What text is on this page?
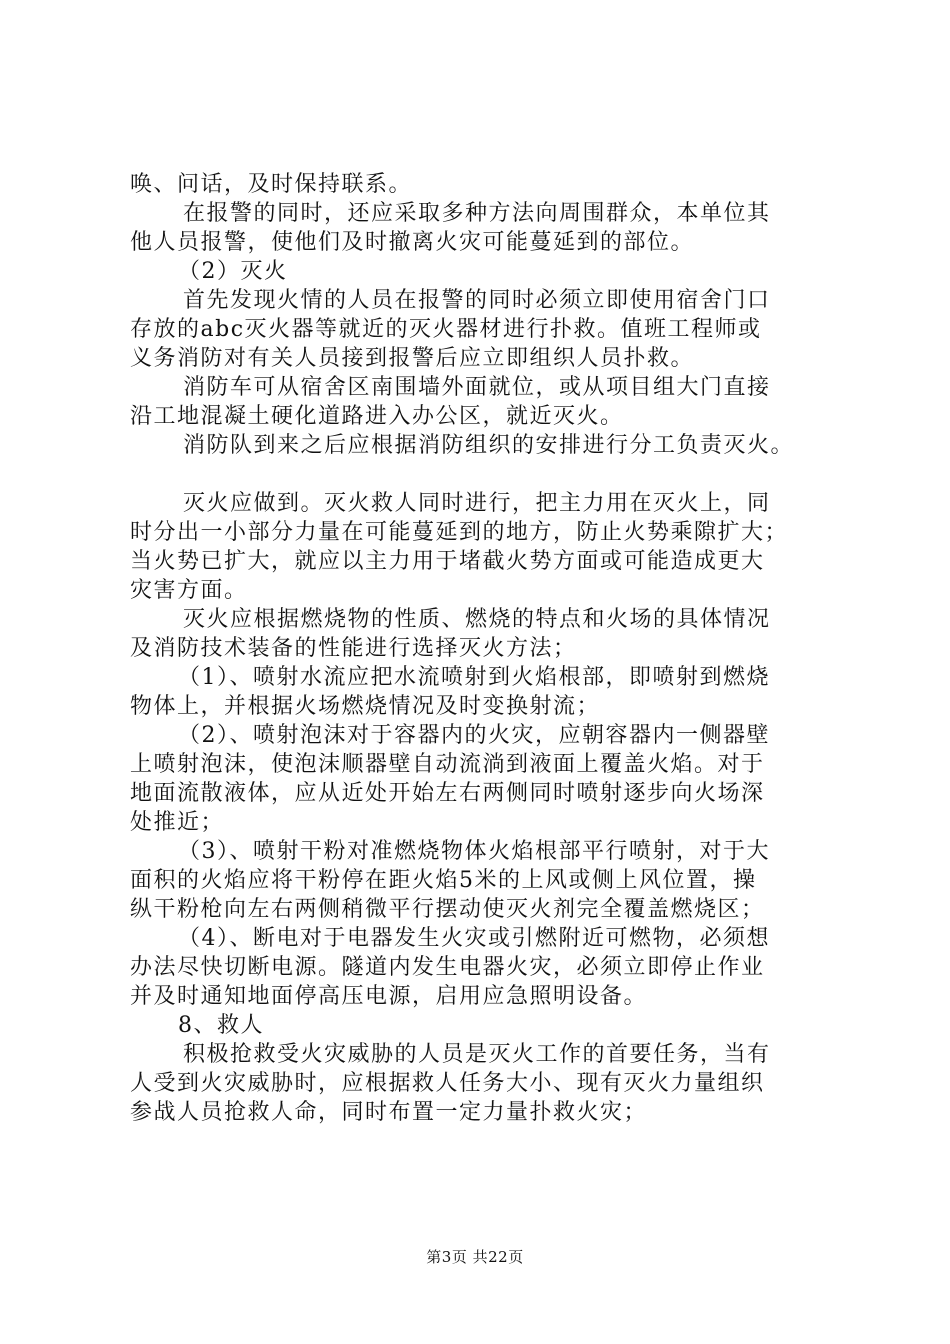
唤、问话，及时保持联系。
在报警的同时，还应采取多种方法向周围群众，本单位其
他人员报警，使他们及时撤离火灾可能蔓延到的部位。
（2）灭火
首先发现火情的人员在报警的同时必须立即使用宿舍门口
存放的abc灭火器等就近的灭火器材进行扑救。值班工程师或
义务消防对有关人员接到报警后应立即组织人员扑救。
消防车可从宿舍区南围墙外面就位，或从项目组大门直接
沿工地混凝土硬化道路进入办公区，就近灭火。
消防队到来之后应根据消防组织的安排进行分工负责灭火。
灭火应做到。灭火救人同时进行，把主力用在灭火上，同
时分出一小部分力量在可能蔓延到的地方，防止火势乘隙扩大；
当火势已扩大，就应以主力用于堵截火势方面或可能造成更大
灾害方面。
灭火应根据燃烧物的性质、燃烧的特点和火场的具体情况
及消防技术装备的性能进行选择灭火方法；
（1）、喷射水流应把水流喷射到火焰根部，即喷射到燃烧
物体上，并根据火场燃烧情况及时变换射流；
（2）、喷射泡沫对于容器内的火灾，应朝容器内一侧器壁
上喷射泡沫，使泡沫顺器壁自动流淌到液面上覆盖火焰。对于
地面流散液体，应从近处开始左右两侧同时喷射逐步向火场深
处推近；
（3）、喷射干粉对准燃烧物体火焰根部平行喷射，对于大
面积的火焰应将干粉停在距火焰5米的上风或侧上风位置，操
纵干粉枪向左右两侧稍微平行摆动使灭火剂完全覆盖燃烧区；
（4）、断电对于电器发生火灾或引燃附近可燃物，必须想
办法尽快切断电源。隧道内发生电器火灾，必须立即停止作业
并及时通知地面停高压电源，启用应急照明设备。
8、救人
积极抢救受火灾威胁的人员是灭火工作的首要任务，当有
人受到火灾威胁时，应根据救人任务大小、现有灭火力量组织
参战人员抢救人命，同时布置一定力量扑救火灾；
第3页 共22页
